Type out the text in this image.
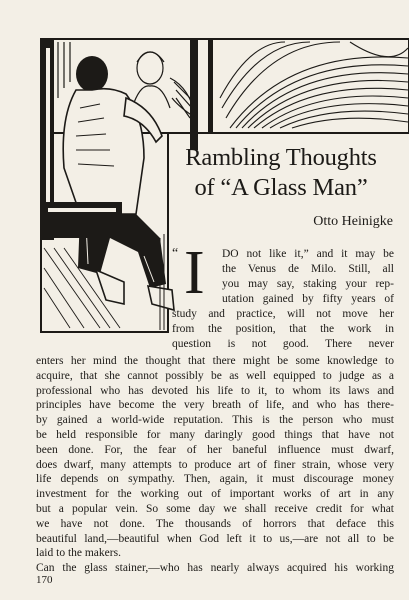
Rambling Thoughts
of “A Glass Man”
Otto Heinigke
“ I DO not like it,” and it may be
the Venus de Milo. Still, all
you may say, staking your rep-
utation gained by fifty years of
study and practice, will not move her
from the position, that the work in
question is not good. There never
enters her mind the thought that there might be some knowledge to
acquire, that she cannot possibly be as well equipped to judge as a
professional who has devoted his life to it, to whom its laws and
principles have become the very breath of life, and who has there-
by gained a world-wide reputation. This is the person who must
be held responsible for many daringly good things that have not
been done. For, the fear of her baneful influence must dwarf,
does dwarf, many attempts to produce art of finer strain, whose very
life depends on sympathy. Then, again, it must discourage money
investment for the working out of important works of art in any
but a popular vein. So some day we shall receive credit for what
we have not done. The thousands of horrors that deface this
beautiful land,—beautiful when God left it to us,—are not all to be
laid to the makers.
Can the glass stainer,—who has nearly always acquired his working
170
